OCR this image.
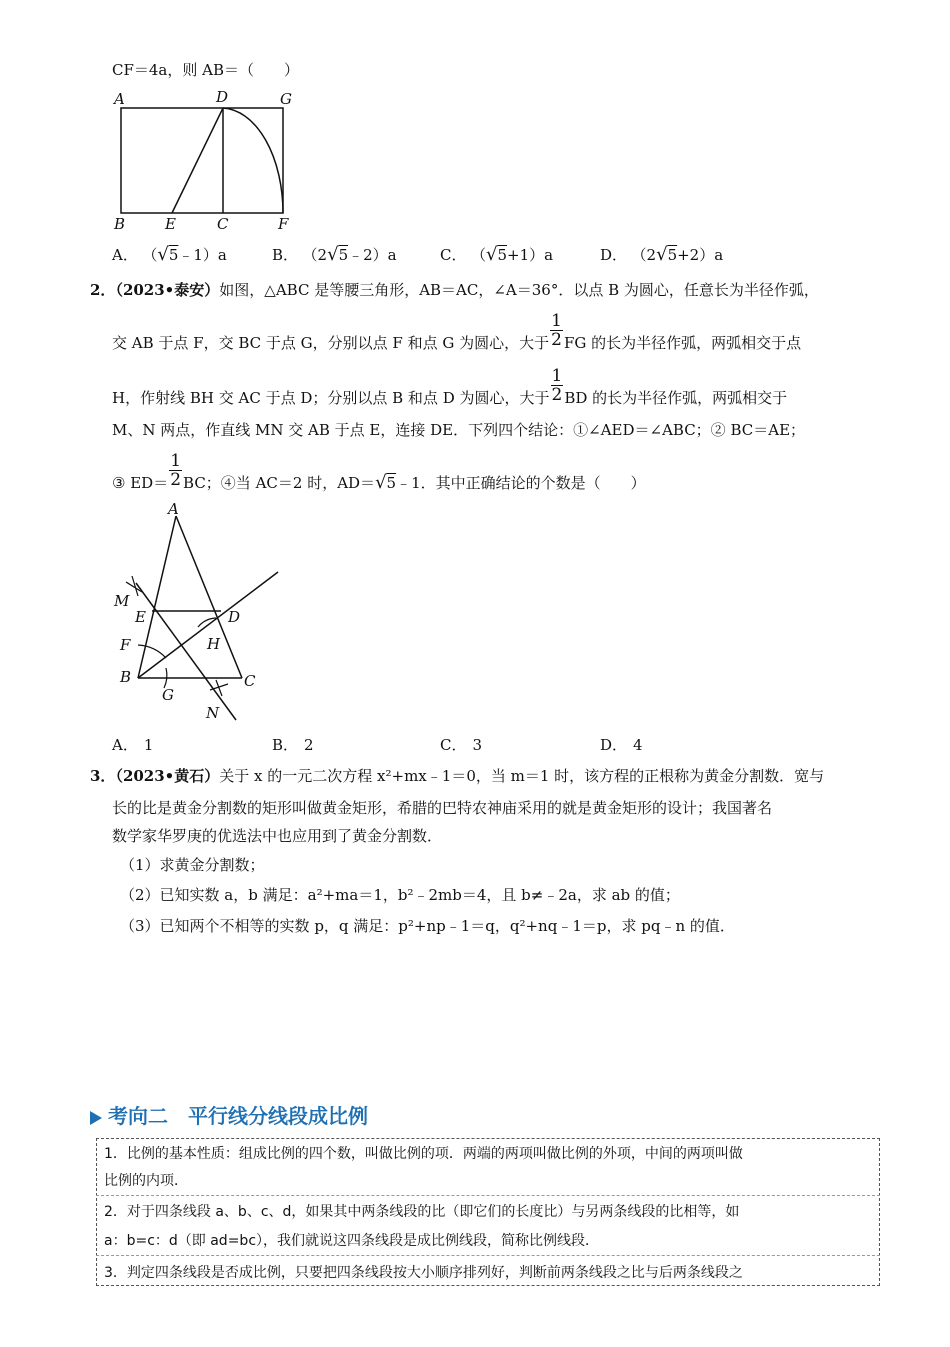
CF＝4a，则 AB＝（　　）
A	D	G
B	E	C	F
A． （√5﹣1）a	B． （2√5﹣2）a	C． （√5+1）a	D． （2√5+2）a
2．（2023•泰安）如图，△ABC 是等腰三角形，AB＝AC，∠A＝36°．以点 B 为圆心，任意长为半径作弧，
交 AB 于点 F，交 BC 于点 G，分别以点 F 和点 G 为圆心，大于 $\frac{1}{2}$ FG 的长为半径作弧，两弧相交于点
H，作射线 BH 交 AC 于点 D；分别以点 B 和点 D 为圆心，大于 $\frac{1}{2}$ BD 的长为半径作弧，两弧相交于
M、N 两点，作直线 MN 交 AB 于点 E，连接 DE．下列四个结论：①∠AED＝∠ABC；② BC＝AE；
③ $ED= \frac{1}{2}$ BC；④当 AC＝2 时，AD＝√5﹣1．其中正确结论的个数是（　　）
A
M
E	D
F	H
B
G
C
N
A． 1	B． 2	C． 3	D． 4
3．（2023•黄石）关于 x 的一元二次方程 x²+mx﹣1＝0，当 m＝1 时，该方程的正根称为黄金分割数．宽与
长的比是黄金分割数的矩形叫做黄金矩形，希腊的巴特农神庙采用的就是黄金矩形的设计；我国著名
数学家华罗庚的优选法中也应用到了黄金分割数．
（1）求黄金分割数；
（2）已知实数 a，b 满足：a²+ma＝1，b²﹣2mb＝4，且 b≠﹣2a，求 ab 的值；
（3）已知两个不相等的实数 p，q 满足：p²+np﹣1＝q，q²+nq﹣1＝p，求 pq﹣n 的值．
考向二　平行线分线段成比例
1．比例的基本性质：组成比例的四个数，叫做比例的项．两端的两项叫做比例的外项，中间的两项叫做
比例的内项．
2．对于四条线段 a、b、c、d，如果其中两条线段的比（即它们的长度比）与另两条线段的比相等，如
a：b=c：d（即 ad=bc），我们就说这四条线段是成比例线段，简称比例线段．
3．判定四条线段是否成比例，只要把四条线段按大小顺序排列好，判断前两条线段之比与后两条线段之
